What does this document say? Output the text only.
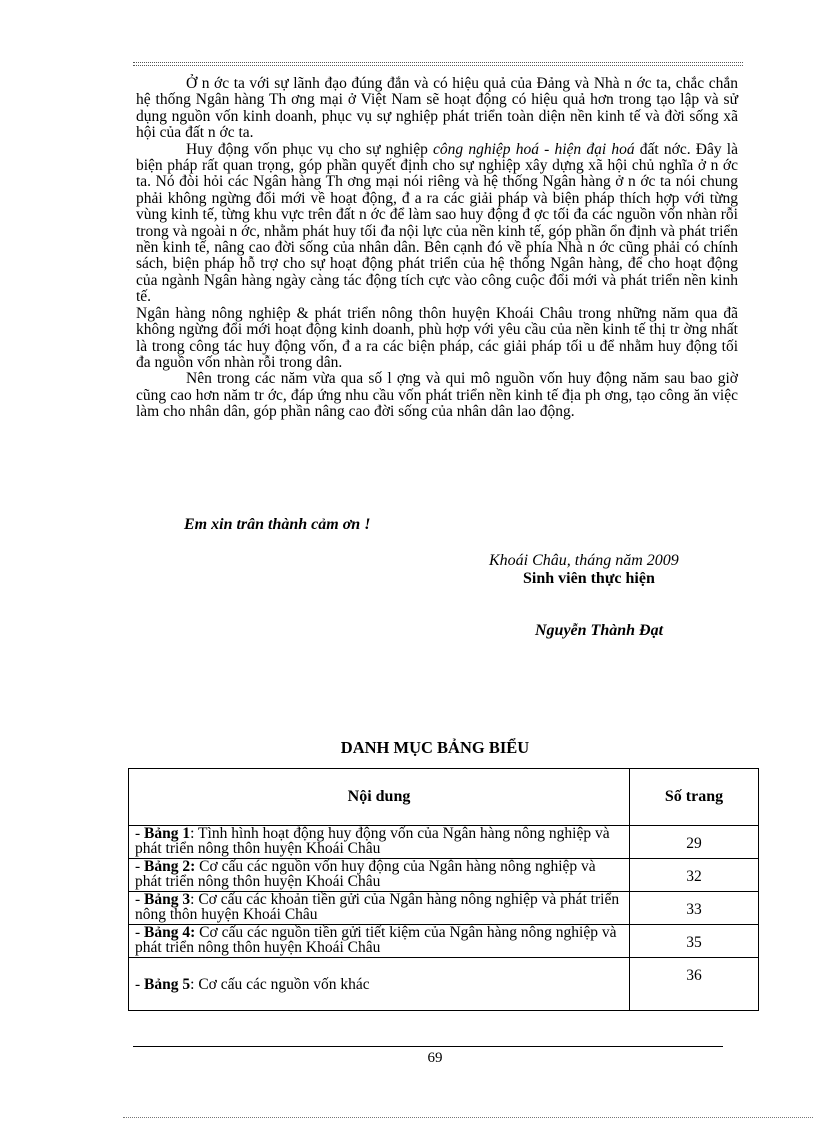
Ở n ớc ta với sự lãnh đạo đúng đắn và có hiệu quả của Đảng và Nhà n ớc ta, chắc chắn hệ thống Ngân hàng Th ơng mại ở Việt Nam sẽ hoạt động có hiệu quả hơn trong tạo lập và sử dụng nguồn vốn kinh doanh, phục vụ sự nghiệp phát triển toàn diện nền kinh tế và đời sống xã hội của đất n ớc ta.

Huy động vốn phục vụ cho sự nghiệp công nghiệp hoá - hiện đại hoá đất nớc. Đây là biện pháp rất quan trọng, góp phần quyết định cho sự nghiệp xây dựng xã hội chủ nghĩa ở n ớc ta. Nó đòi hỏi các Ngân hàng Th ơng mại nói riêng và hệ thống Ngân hàng ở n ớc ta nói chung phải không ngừng đổi mới về hoạt động, đ a ra các giải pháp và biện pháp thích hợp với từng vùng kinh tế, từng khu vực trên đất n ớc để làm sao huy động đ ợc tối đa các nguồn vốn nhàn rỗi trong và ngoài n ớc, nhằm phát huy tối đa nội lực của nền kinh tế, góp phần ổn định và phát triển nền kinh tế, nâng cao đời sống của nhân dân. Bên cạnh đó về phía Nhà n ớc cũng phải có chính sách, biện pháp hỗ trợ cho sự hoạt động phát triển của hệ thống Ngân hàng, để cho hoạt động của ngành Ngân hàng ngày càng tác động tích cực vào công cuộc đổi mới và phát triển nền kinh tế.

Ngân hàng nông nghiệp & phát triển nông thôn huyện Khoái Châu trong những năm qua đã không ngừng đổi mới hoạt động kinh doanh, phù hợp với yêu cầu của nền kinh tế thị tr ờng nhất là trong công tác huy động vốn, đ a ra các biện pháp, các giải pháp tối u để nhằm huy động tối đa nguồn vốn nhàn rỗi trong dân.

Nên trong các năm vừa qua số l ợng và qui mô nguồn vốn huy động năm sau bao giờ cũng cao hơn năm tr ớc, đáp ứng nhu cầu vốn phát triển nền kinh tế địa ph ơng, tạo công ăn việc làm cho nhân dân, góp phần nâng cao đời sống của nhân dân lao động.

Em xin trân thành cảm ơn !
Khoái Châu, tháng năm 2009
Sinh viên thực hiện
Nguyễn Thành Đạt
DANH MỤC BẢNG BIỂU
Nội dung	Số trang

- Bảng 1: Tình hình hoạt động huy động vốn của Ngân hàng nông nghiệp và phát triển nông thôn huyện Khoái Châu	29

- Bảng 2: Cơ cấu các nguồn vốn huy động của Ngân hàng nông nghiệp và phát triển nông thôn huyện Khoái Châu	32

- Bảng 3: Cơ cấu các khoản tiền gửi của Ngân hàng nông nghiệp và phát triển nông thôn huyện Khoái Châu	33

- Bảng 4: Cơ cấu các nguồn tiền gửi tiết kiệm của Ngân hàng nông nghiệp và phát triển nông thôn huyện Khoái Châu	35
- Bảng 5: Cơ cấu các nguồn vốn khác	36
69
